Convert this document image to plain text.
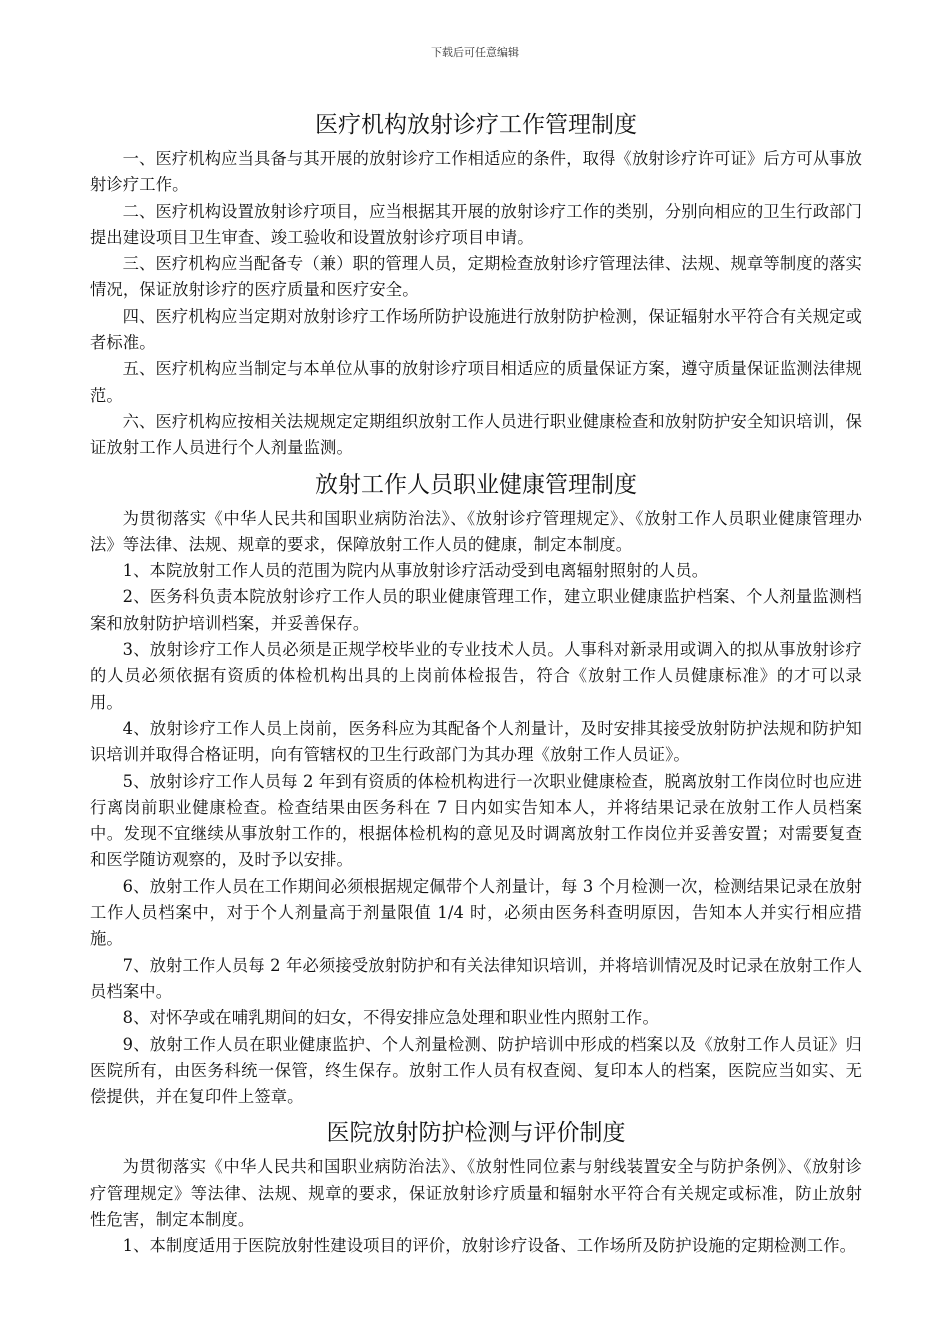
下载后可任意编辑
医疗机构放射诊疗工作管理制度

一、医疗机构应当具备与其开展的放射诊疗工作相适应的条件，取得《放射诊疗许可证》后方可从事放射诊疗工作。

二、医疗机构设置放射诊疗项目，应当根据其开展的放射诊疗工作的类别，分别向相应的卫生行政部门提出建设项目卫生审查、竣工验收和设置放射诊疗项目申请。

三、医疗机构应当配备专（兼）职的管理人员，定期检查放射诊疗管理法律、法规、规章等制度的落实情况，保证放射诊疗的医疗质量和医疗安全。

四、医疗机构应当定期对放射诊疗工作场所防护设施进行放射防护检测，保证辐射水平符合有关规定或者标准。

五、医疗机构应当制定与本单位从事的放射诊疗项目相适应的质量保证方案，遵守质量保证监测法律规范。

六、医疗机构应按相关法规规定定期组织放射工作人员进行职业健康检查和放射防护安全知识培训，保证放射工作人员进行个人剂量监测。

放射工作人员职业健康管理制度

为贯彻落实《中华人民共和国职业病防治法》、《放射诊疗管理规定》、《放射工作人员职业健康管理办法》等法律、法规、规章的要求，保障放射工作人员的健康，制定本制度。

1、本院放射工作人员的范围为院内从事放射诊疗活动受到电离辐射照射的人员。

2、医务科负责本院放射诊疗工作人员的职业健康管理工作，建立职业健康监护档案、个人剂量监测档案和放射防护培训档案，并妥善保存。

3、放射诊疗工作人员必须是正规学校毕业的专业技术人员。人事科对新录用或调入的拟从事放射诊疗的人员必须依据有资质的体检机构出具的上岗前体检报告，符合《放射工作人员健康标准》的才可以录用。

4、放射诊疗工作人员上岗前，医务科应为其配备个人剂量计，及时安排其接受放射防护法规和防护知识培训并取得合格证明，向有管辖权的卫生行政部门为其办理《放射工作人员证》。

5、放射诊疗工作人员每 2 年到有资质的体检机构进行一次职业健康检查，脱离放射工作岗位时也应进行离岗前职业健康检查。检查结果由医务科在 7 日内如实告知本人，并将结果记录在放射工作人员档案中。发现不宜继续从事放射工作的，根据体检机构的意见及时调离放射工作岗位并妥善安置；对需要复查和医学随访观察的，及时予以安排。

6、放射工作人员在工作期间必须根据规定佩带个人剂量计，每 3 个月检测一次，检测结果记录在放射工作人员档案中，对于个人剂量高于剂量限值 1/4 时，必须由医务科查明原因，告知本人并实行相应措施。

7、放射工作人员每 2 年必须接受放射防护和有关法律知识培训，并将培训情况及时记录在放射工作人员档案中。

8、对怀孕或在哺乳期间的妇女，不得安排应急处理和职业性内照射工作。

9、放射工作人员在职业健康监护、个人剂量检测、防护培训中形成的档案以及《放射工作人员证》归医院所有，由医务科统一保管，终生保存。放射工作人员有权查阅、复印本人的档案，医院应当如实、无偿提供，并在复印件上签章。

医院放射防护检测与评价制度

为贯彻落实《中华人民共和国职业病防治法》、《放射性同位素与射线装置安全与防护条例》、《放射诊疗管理规定》等法律、法规、规章的要求，保证放射诊疗质量和辐射水平符合有关规定或标准，防止放射性危害，制定本制度。

1、本制度适用于医院放射性建设项目的评价，放射诊疗设备、工作场所及防护设施的定期检测工作。
